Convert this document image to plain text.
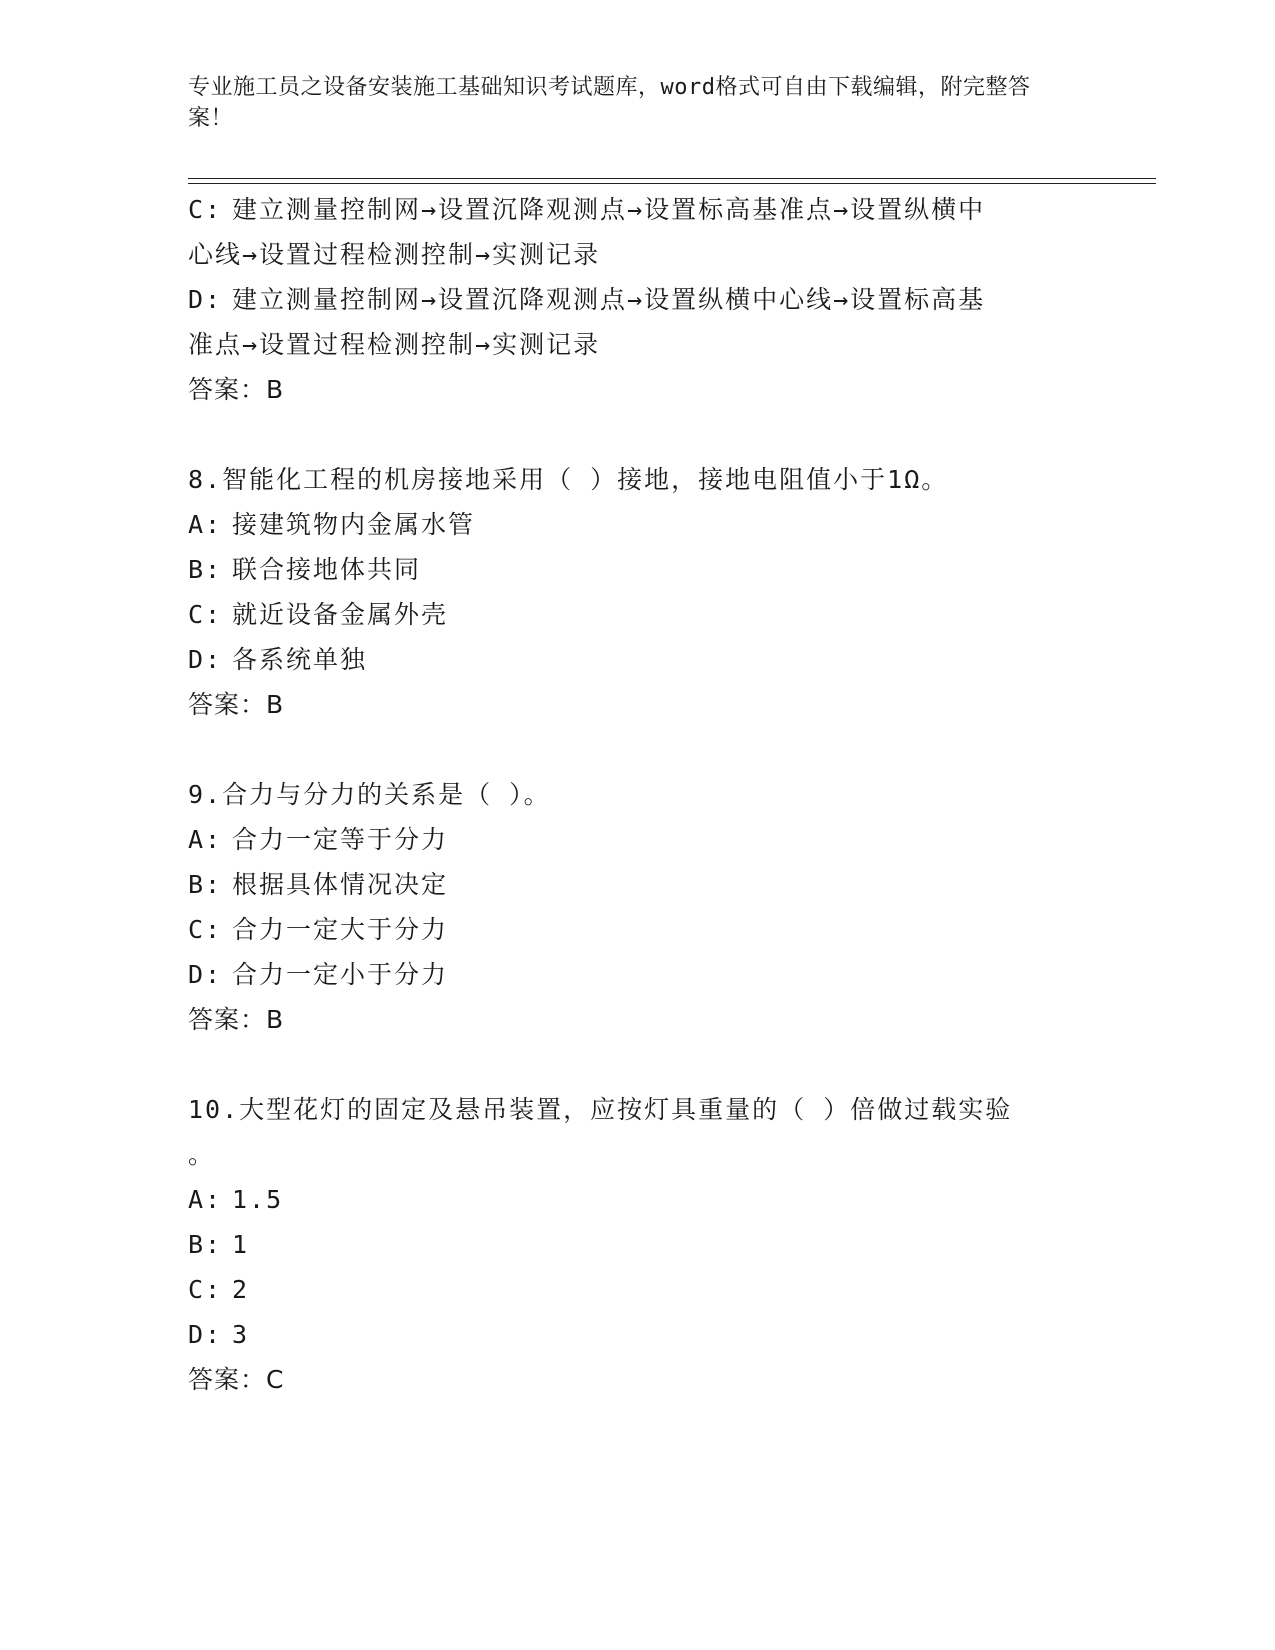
专业施工员之设备安装施工基础知识考试题库，word格式可自由下载编辑，附完整答案！
C: 建立测量控制网→设置沉降观测点→设置标高基准点→设置纵横中
心线→设置过程检测控制→实测记录
D: 建立测量控制网→设置沉降观测点→设置纵横中心线→设置标高基
准点→设置过程检测控制→实测记录
答案：B
8.智能化工程的机房接地采用（ ）接地，接地电阻值小于1Ω。
A: 接建筑物内金属水管
B: 联合接地体共同
C: 就近设备金属外壳
D: 各系统单独
答案：B
9.合力与分力的关系是（ ）。
A: 合力一定等于分力
B: 根据具体情况决定
C: 合力一定大于分力
D: 合力一定小于分力
答案：B
10.大型花灯的固定及悬吊装置，应按灯具重量的（ ）倍做过载实验
。
A: 1.5
B: 1
C: 2
D: 3
答案：C
